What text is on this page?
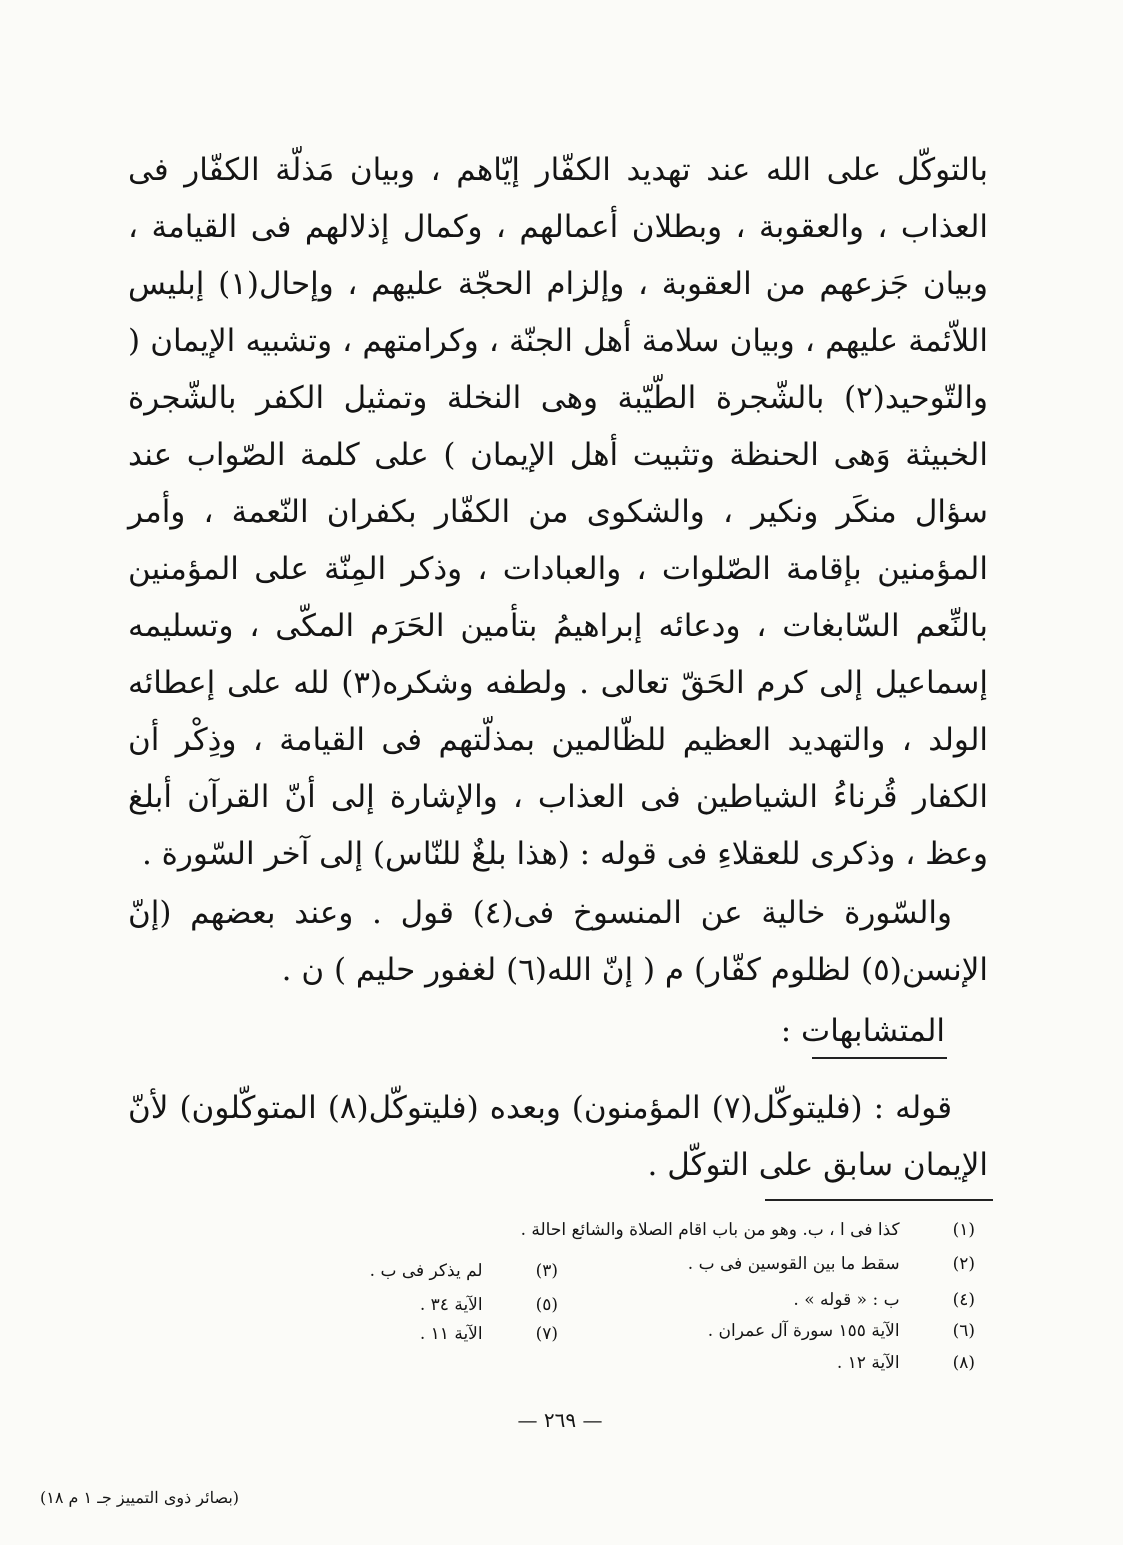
بالتوكّل على الله عند تهديد الكفّار إيّاهم ، وبيان مَذلّة الكفّار فى العذاب ، والعقوبة ، وبطلان أعمالهم ، وكمال إذلالهم فى القيامة ، وبيان جَزعهم من العقوبة ، وإلزام الحجّة عليهم ، وإحال(١) إبليس اللاّئمة عليهم ، وبيان سلامة أهل الجنّة ، وكرامتهم ، وتشبيه الإيمان ( والتّوحيد(٢) بالشّجرة الطّيّبة وهى النخلة وتمثيل الكفر بالشّجرة الخبيثة وَهى الحنظة وتثبيت أهل الإيمان ) على كلمة الصّواب عند سؤال منكَر ونكير ، والشكوى من الكفّار بكفران النّعمة ، وأمر المؤمنين بإقامة الصّلوات ، والعبادات ، وذكر المِنّة على المؤمنين بالنِّعم السّابغات ، ودعائه إبراهيمُ بتأمين الحَرَم المكّى ، وتسليمه إسماعيل إلى كرم الحَقّ تعالى . ولطفه وشكره(٣) لله على إعطائه الولد ، والتهديد العظيم للظّالمين بمذلّتهم فى القيامة ، وذِكْر أن الكفار قُرناءُ الشياطين فى العذاب ، والإشارة إلى أنّ القرآن أبلغ وعظ ، وذكرى للعقلاءِ فى قوله : (هذا بلغٌ للنّاس) إلى آخر السّورة .

والسّورة خالية عن المنسوخ فى(٤) قول . وعند بعضهم (إنّ الإنسن(٥) لظلوم كفّار) م ( إنّ الله(٦) لغفور حليم ) ن .

المتشابهات :

قوله : (فليتوكّل(٧) المؤمنون) وبعده (فليتوكّل(٨) المتوكّلون) لأنّ الإيمان سابق على التوكّل .

(١) كذا فى ا ، ب. وهو من باب اقام الصلاة والشائع احالة .
(٢) سقط ما بين القوسين فى ب .
(٤) ب : « قوله » .
(٦) الآية ١٥٥ سورة آل عمران .
(٨) الآية ١٢ .
(٣) لم يذكر فى ب .
(٥) الآية ٣٤ .
(٧) الآية ١١ .
— ٢٦٩ —
(بصائر ذوى التمييز جـ ١ م ١٨)
